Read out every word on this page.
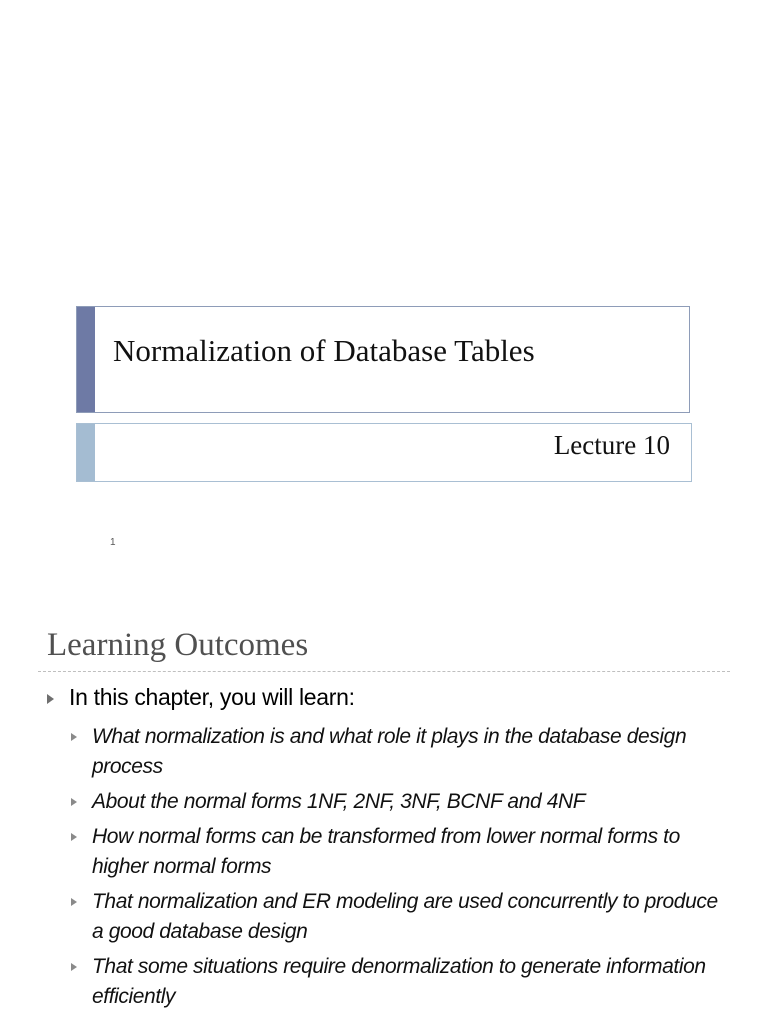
Normalization of Database Tables
Lecture 10
1
Learning Outcomes
In this chapter, you will learn:
What normalization is and what role it plays in the database design process
About the normal forms 1NF, 2NF, 3NF, BCNF and 4NF
How normal forms can be transformed from lower normal forms to higher normal forms
That normalization and ER modeling are used concurrently to produce a good database design
That some situations require denormalization to generate information efficiently
